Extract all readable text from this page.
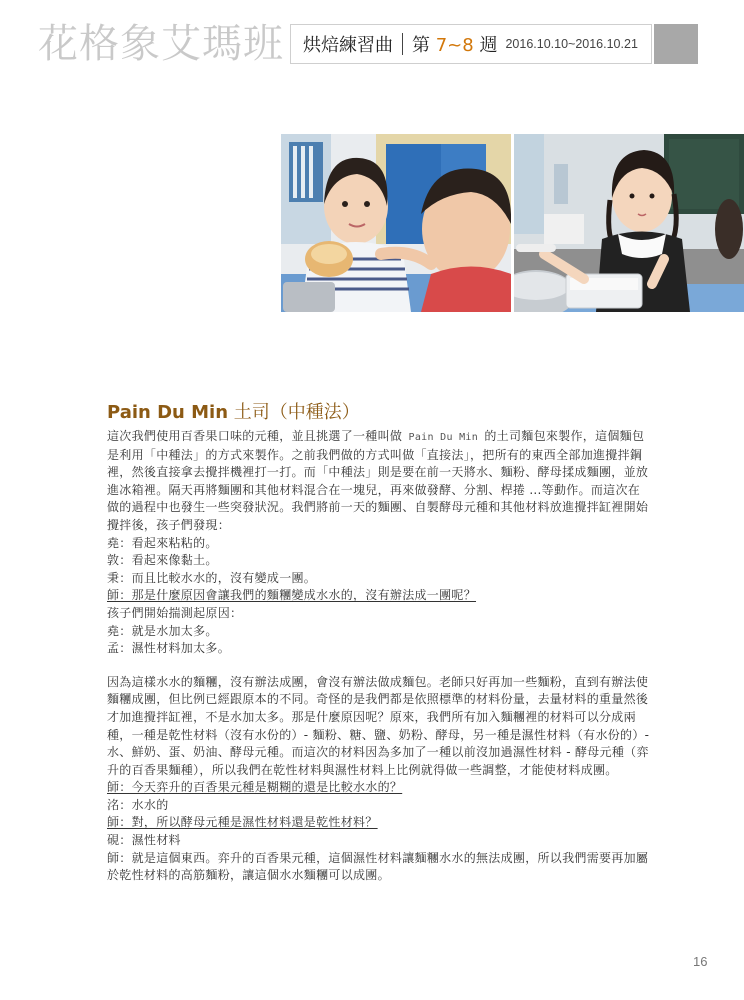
花格象艾瑪班 烘焙練習曲 第 7~8 週 2016.10.10~2016.10.21
Pain Du Min 土司（中種法）

這次我們使用百香果口味的元種，並且挑選了一種叫做 Pain Du Min 的土司麵包來製作，這個麵包是利用「中種法」的方式來製作。之前我們做的方式叫做「直接法」，把所有的東西全部加進攪拌鋼裡，然後直接拿去攪拌機裡打一打。而「中種法」則是要在前一天將水、麵粉、酵母揉成麵團，並放進冰箱裡。隔天再將麵團和其他材料混合在一塊兒，再來做發酵、分割、桿捲 ...等動作。而這次在做的過程中也發生一些突發狀況。我們將前一天的麵團、自製酵母元種和其他材料放進攪拌缸裡開始攪拌後，孩子們發現：

堯：看起來粘粘的。

敦：看起來像黏土。

秉：而且比較水水的，沒有變成一團。

師：那是什麼原因會讓我們的麵糰變成水水的，沒有辦法成一團呢？

孩子們開始揣測起原因：

堯：就是水加太多。

孟：濕性材料加太多。

因為這樣水水的麵糰，沒有辦法成團，會沒有辦法做成麵包。老師只好再加一些麵粉，直到有辦法使麵糰成團，但比例已經跟原本的不同。奇怪的是我們都是依照標準的材料份量，去量材料的重量然後才加進攪拌缸裡，不是水加太多。那是什麼原因呢？原來，我們所有加入麵糰裡的材料可以分成兩種，一種是乾性材料（沒有水份的）- 麵粉、糖、鹽、奶粉、酵母，另一種是濕性材料（有水份的）- 水、鮮奶、蛋、奶油、酵母元種。而這次的材料因為多加了一種以前沒加過濕性材料 - 酵母元種（弈升的百香果麵種），所以我們在乾性材料與濕性材料上比例就得做一些調整，才能使材料成團。

師：今天弈升的百香果元種是糊糊的還是比較水水的？

洺：水水的

師：對，所以酵母元種是濕性材料還是乾性材料？

硯：濕性材料

師：就是這個東西。弈升的百香果元種，這個濕性材料讓麵糰水水的無法成團，所以我們需要再加屬於乾性材料的高筋麵粉，讓這個水水麵糰可以成團。

16
